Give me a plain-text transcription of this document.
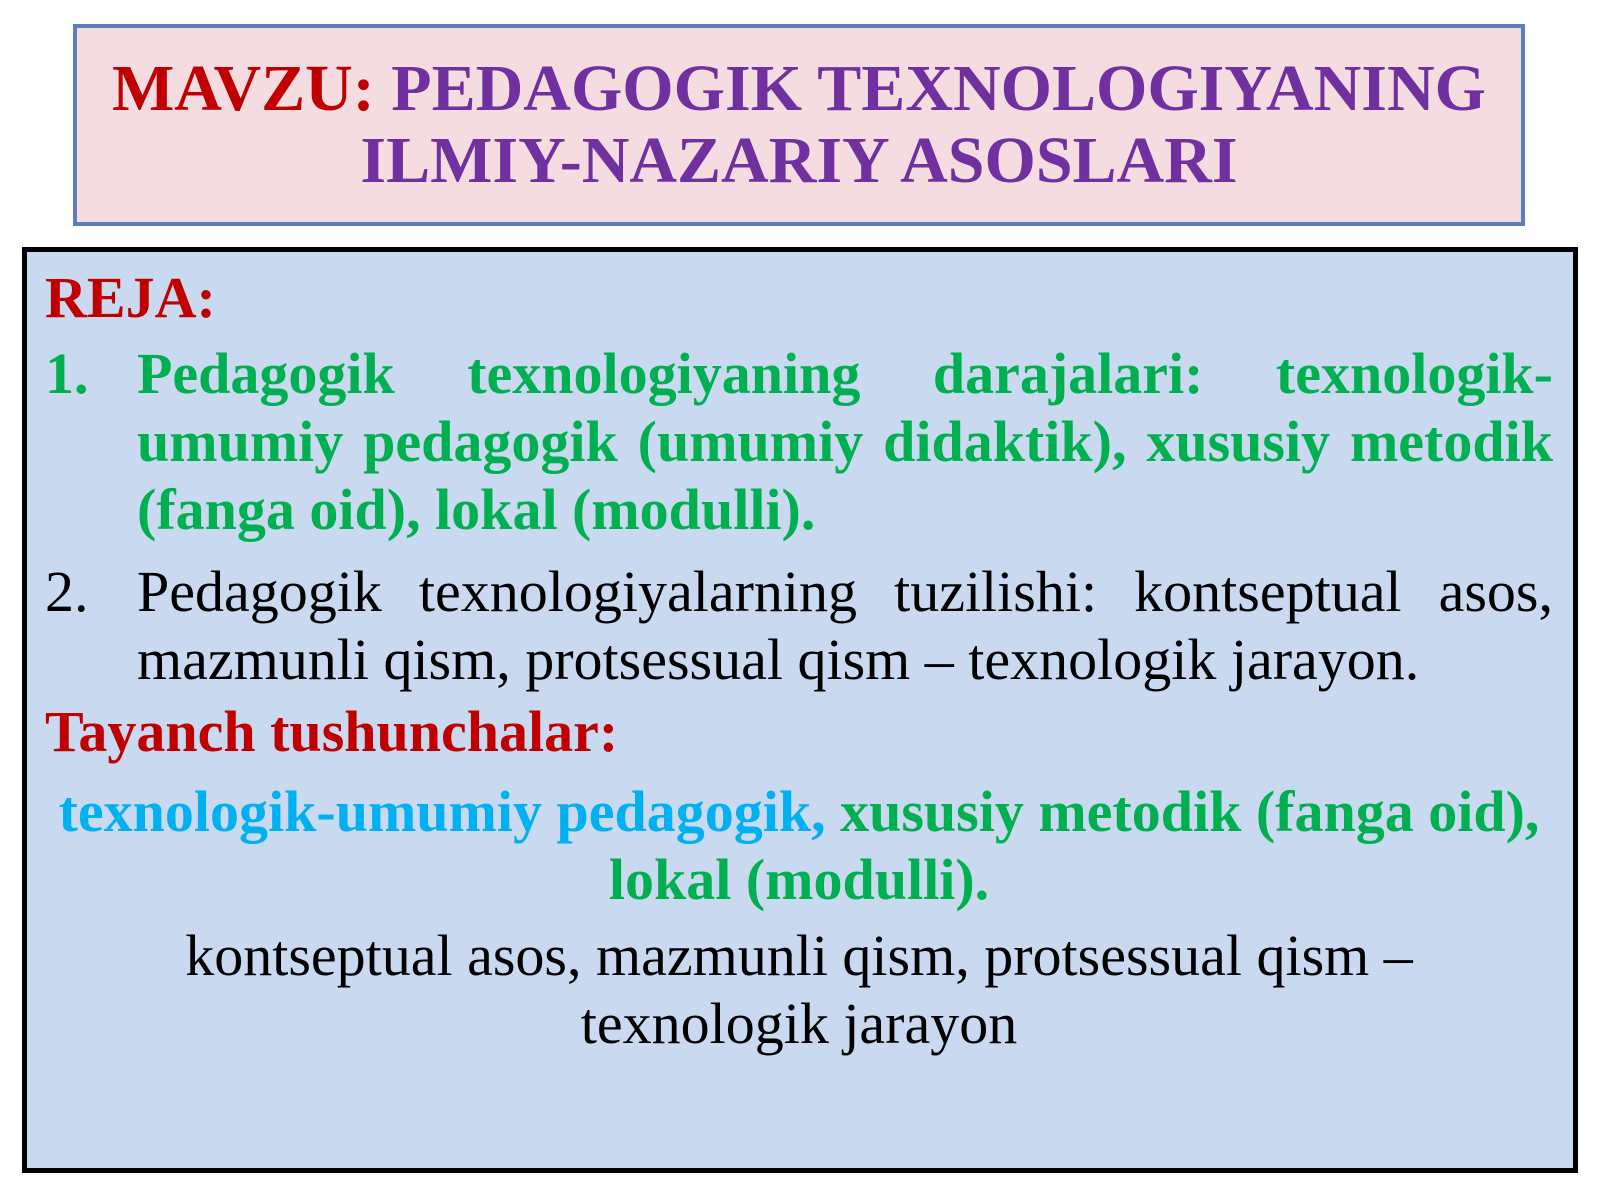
MAVZU: PEDAGOGIK TEXNOLOGIYANING
ILMIY-NAZARIY ASOSLARI
REJA:
1. Pedagogik texnologiyaning darajalari: texnologik-umumiy pedagogik (umumiy didaktik), xususiy metodik (fanga oid), lokal (modulli).
2. Pedagogik texnologiyalarning tuzilishi: kontseptual asos, mazmunli qism, protsessual qism – texnologik jarayon.
Tayanch tushunchalar:
texnologik-umumiy pedagogik, xususiy metodik (fanga oid), lokal (modulli).
kontseptual asos, mazmunli qism, protsessual qism – texnologik jarayon
